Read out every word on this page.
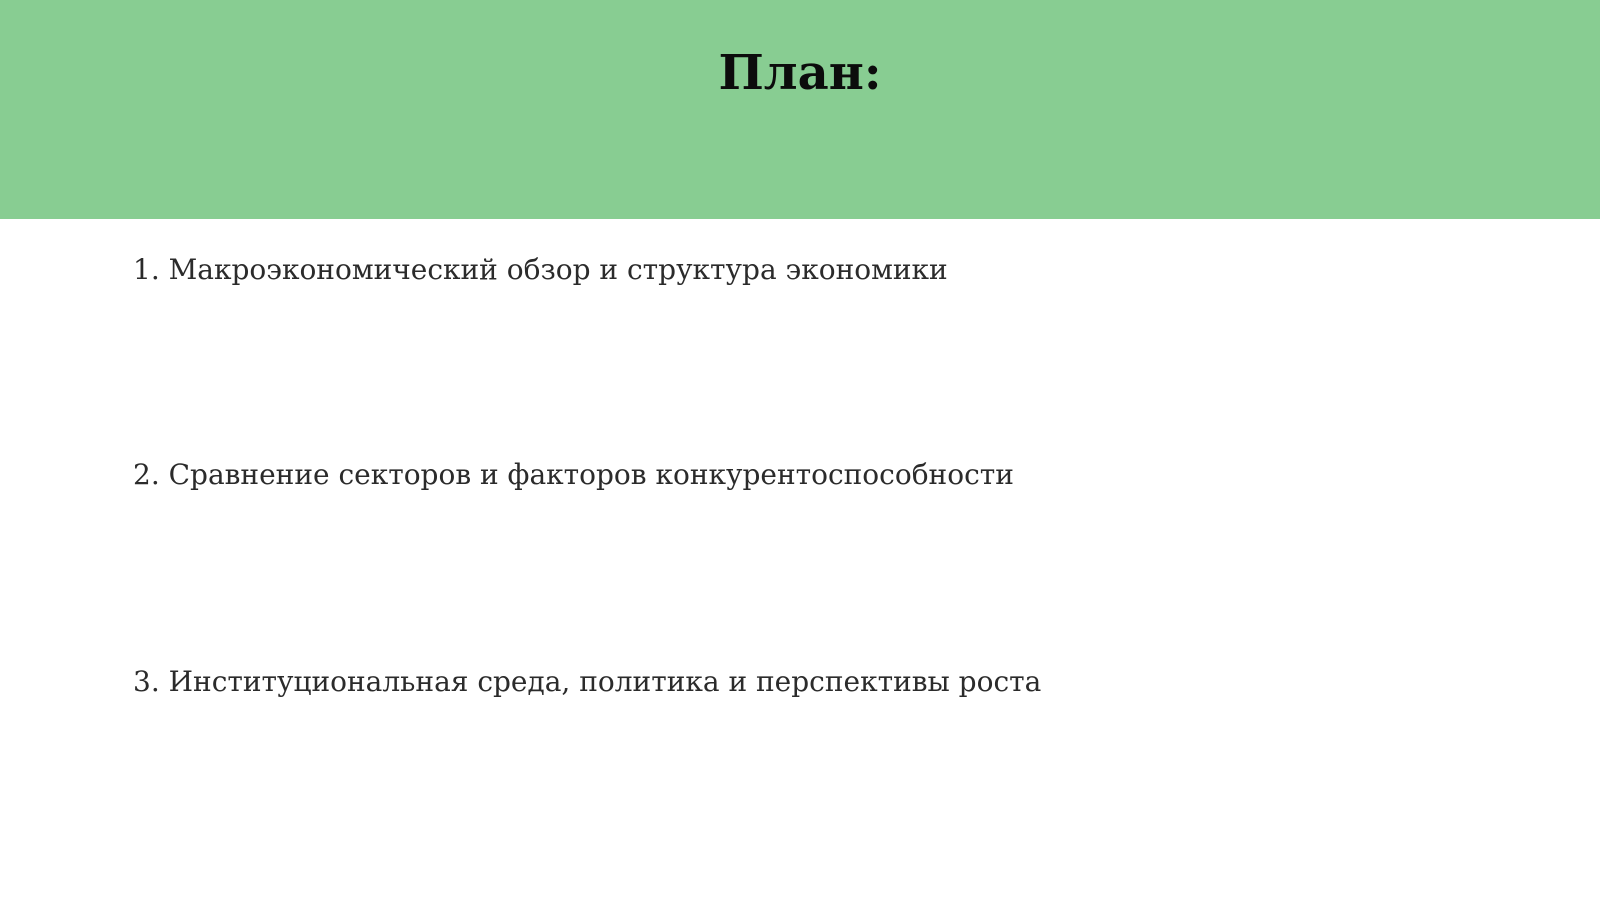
План:

1. Макроэкономический обзор и структура экономики

2. Сравнение секторов и факторов конкурентоспособности

3. Институциональная среда, политика и перспективы роста
